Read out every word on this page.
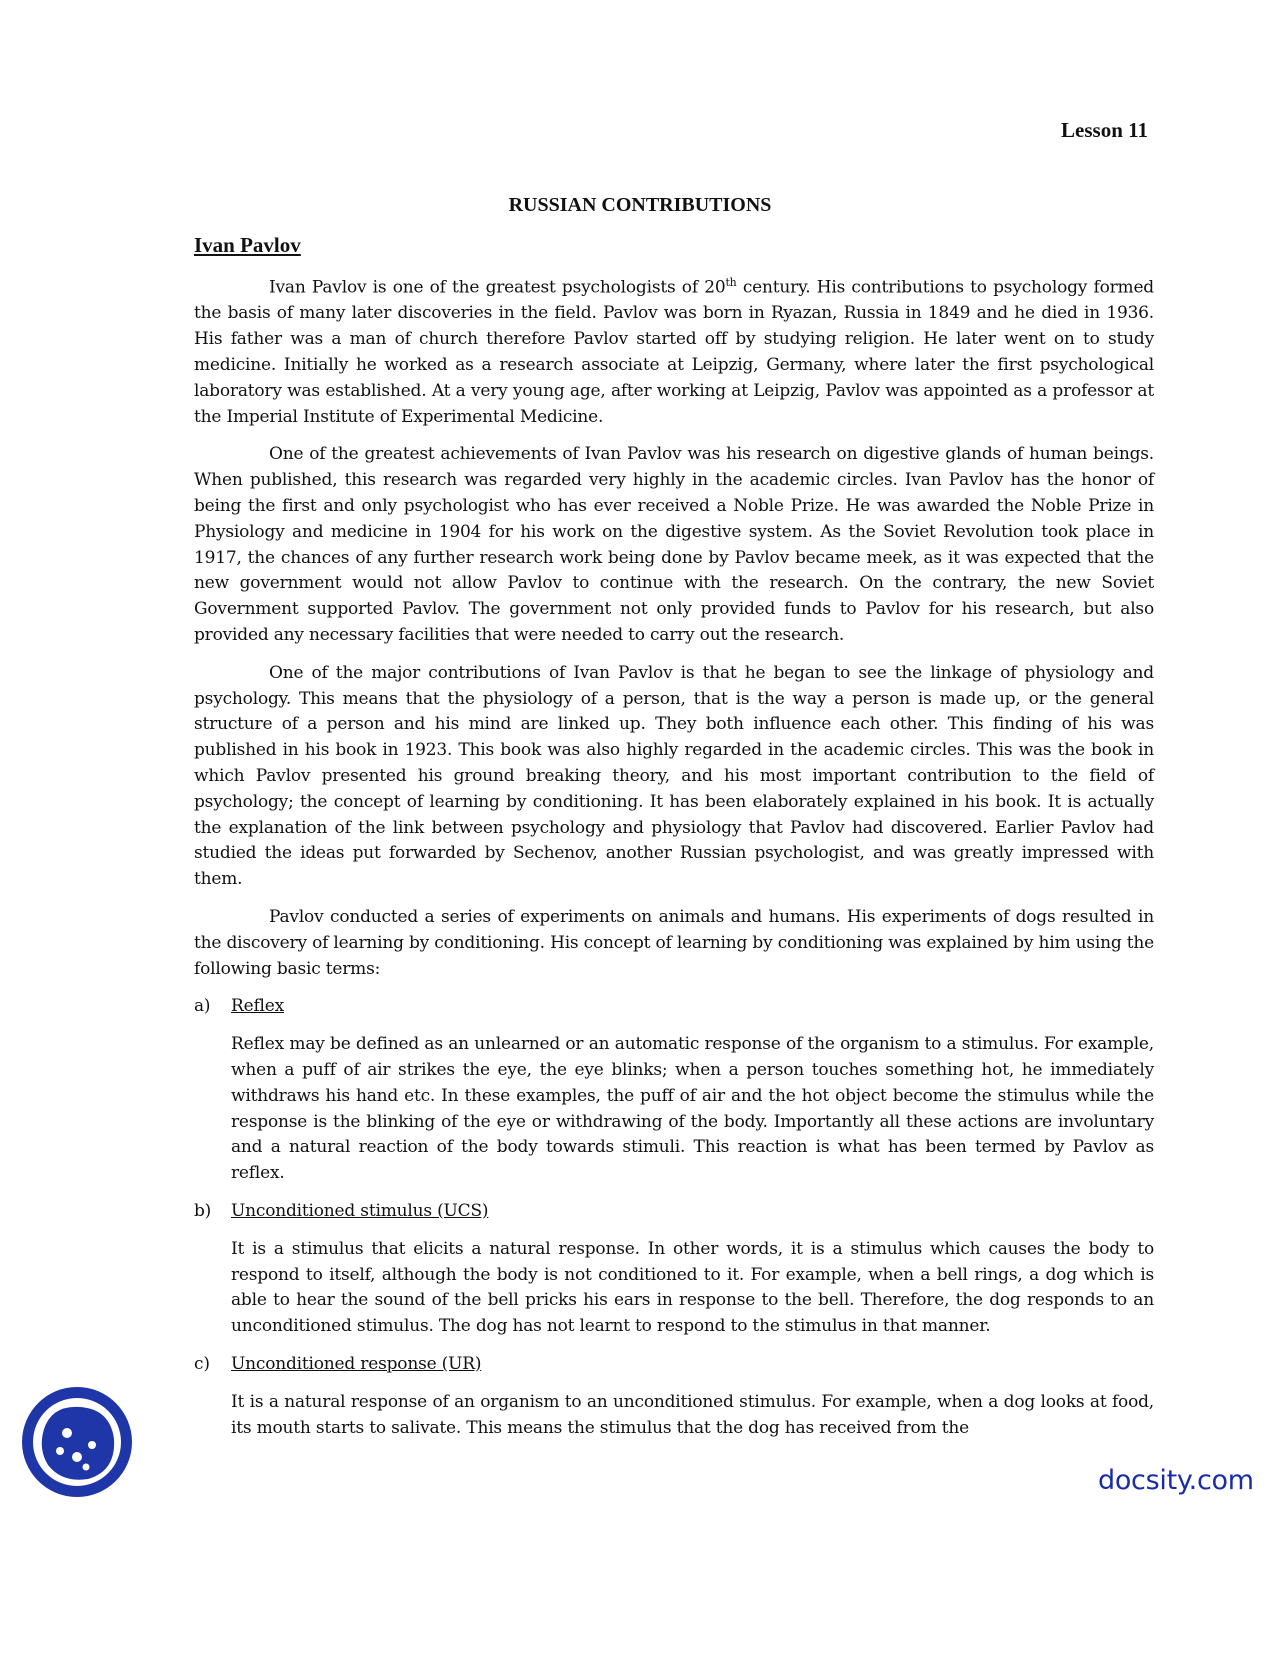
Lesson 11
RUSSIAN CONTRIBUTIONS
Ivan Pavlov

Ivan Pavlov is one of the greatest psychologists of 20th century. His contributions to psychology formed the basis of many later discoveries in the field. Pavlov was born in Ryazan, Russia in 1849 and he died in 1936. His father was a man of church therefore Pavlov started off by studying religion. He later went on to study medicine. Initially he worked as a research associate at Leipzig, Germany, where later the first psychological laboratory was established. At a very young age, after working at Leipzig, Pavlov was appointed as a professor at the Imperial Institute of Experimental Medicine.

One of the greatest achievements of Ivan Pavlov was his research on digestive glands of human beings. When published, this research was regarded very highly in the academic circles. Ivan Pavlov has the honor of being the first and only psychologist who has ever received a Noble Prize. He was awarded the Noble Prize in Physiology and medicine in 1904 for his work on the digestive system. As the Soviet Revolution took place in 1917, the chances of any further research work being done by Pavlov became meek, as it was expected that the new government would not allow Pavlov to continue with the research. On the contrary, the new Soviet Government supported Pavlov. The government not only provided funds to Pavlov for his research, but also provided any necessary facilities that were needed to carry out the research.

One of the major contributions of Ivan Pavlov is that he began to see the linkage of physiology and psychology. This means that the physiology of a person, that is the way a person is made up, or the general structure of a person and his mind are linked up. They both influence each other. This finding of his was published in his book in 1923. This book was also highly regarded in the academic circles. This was the book in which Pavlov presented his ground breaking theory, and his most important contribution to the field of psychology; the concept of learning by conditioning. It has been elaborately explained in his book. It is actually the explanation of the link between psychology and physiology that Pavlov had discovered. Earlier Pavlov had studied the ideas put forwarded by Sechenov, another Russian psychologist, and was greatly impressed with them.

Pavlov conducted a series of experiments on animals and humans. His experiments of dogs resulted in the discovery of learning by conditioning. His concept of learning by conditioning was explained by him using the following basic terms:

a)	Reflex
Reflex may be defined as an unlearned or an automatic response of the organism to a stimulus. For example, when a puff of air strikes the eye, the eye blinks; when a person touches something hot, he immediately withdraws his hand etc. In these examples, the puff of air and the hot object become the stimulus while the response is the blinking of the eye or withdrawing of the body. Importantly all these actions are involuntary and a natural reaction of the body towards stimuli. This reaction is what has been termed by Pavlov as reflex.
b)	Unconditioned stimulus (UCS)
It is a stimulus that elicits a natural response. In other words, it is a stimulus which causes the body to respond to itself, although the body is not conditioned to it. For example, when a bell rings, a dog which is able to hear the sound of the bell pricks his ears in response to the bell. Therefore, the dog responds to an unconditioned stimulus. The dog has not learnt to respond to the stimulus in that manner.
c)	Unconditioned response (UR)
It is a natural response of an organism to an unconditioned stimulus. For example, when a dog looks at food, its mouth starts to salivate. This means the stimulus that the dog has received from the
docsity.com
